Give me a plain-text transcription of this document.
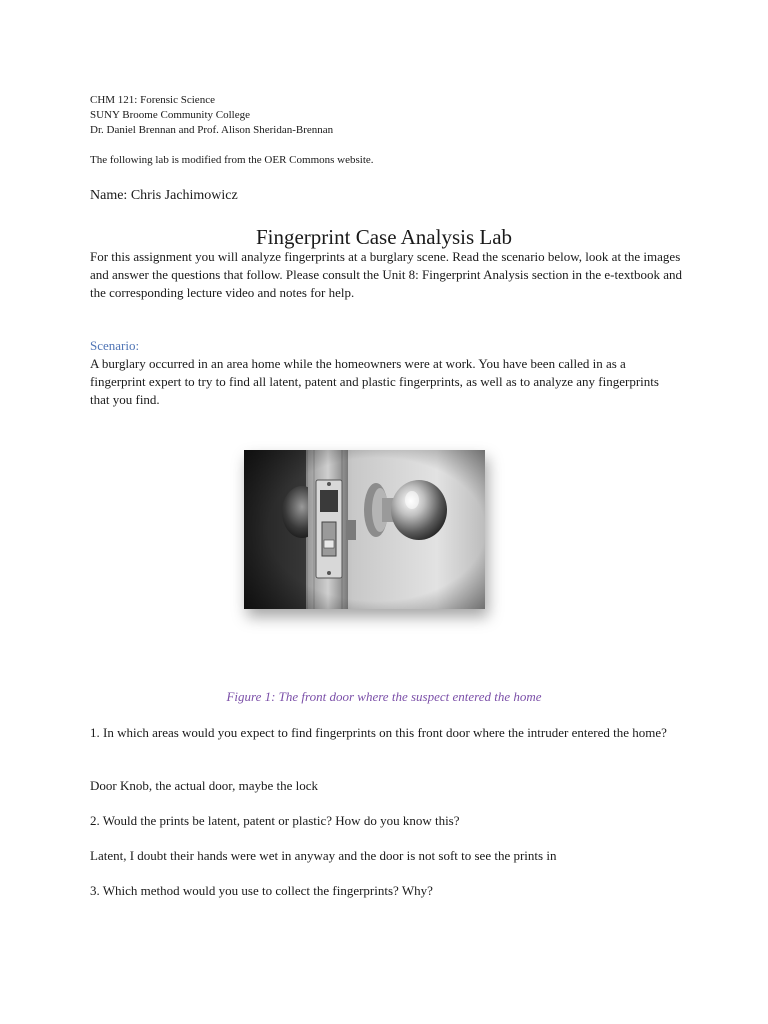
CHM 121: Forensic Science
SUNY Broome Community College
Dr. Daniel Brennan and Prof. Alison Sheridan-Brennan
The following lab is modified from the OER Commons website.
Name: Chris Jachimowicz
Fingerprint Case Analysis Lab
For this assignment you will analyze fingerprints at a burglary scene. Read the scenario below, look at the images and answer the questions that follow. Please consult the Unit 8: Fingerprint Analysis section in the e-textbook and the corresponding lecture video and notes for help.
Scenario:
A burglary occurred in an area home while the homeowners were at work. You have been called in as a fingerprint expert to try to find all latent, patent and plastic fingerprints, as well as to analyze any fingerprints that you find.
Figure 1: The front door where the suspect entered the home
1. In which areas would you expect to find fingerprints on this front door where the intruder entered the home?
Door Knob, the actual door, maybe the lock
2. Would the prints be latent, patent or plastic? How do you know this?
Latent, I doubt their hands were wet in anyway and the door is not soft to see the prints in
3. Which method would you use to collect the fingerprints? Why?
